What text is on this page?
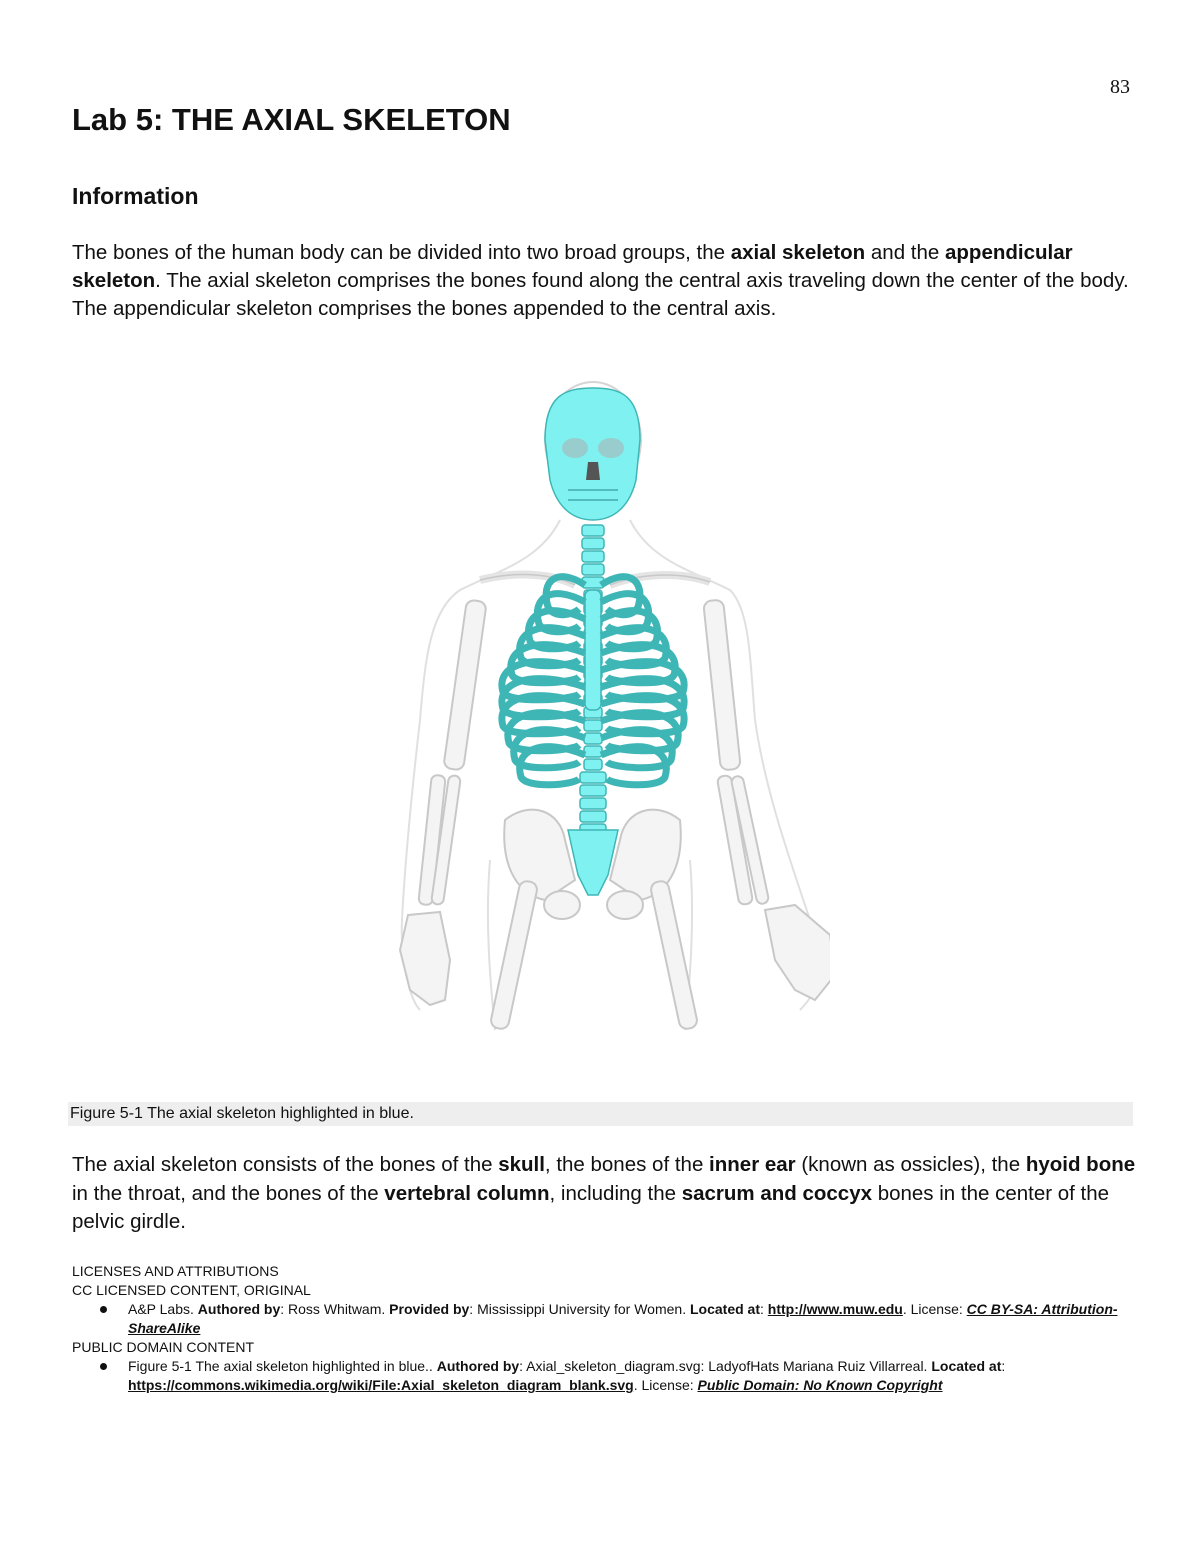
83
Lab 5: THE AXIAL SKELETON
Information

The bones of the human body can be divided into two broad groups, the axial skeleton and the appendicular skeleton. The axial skeleton comprises the bones found along the central axis traveling down the center of the body. The appendicular skeleton comprises the bones appended to the central axis.

Figure 5-1 The axial skeleton highlighted in blue.

The axial skeleton consists of the bones of the skull, the bones of the inner ear (known as ossicles), the hyoid bone in the throat, and the bones of the vertebral column, including the sacrum and coccyx bones in the center of the pelvic girdle.

LICENSES AND ATTRIBUTIONS
CC LICENSED CONTENT, ORIGINAL
A&P Labs. Authored by: Ross Whitwam. Provided by: Mississippi University for Women. Located at: http://www.muw.edu. License: CC BY-SA: Attribution-ShareAlike
PUBLIC DOMAIN CONTENT
Figure 5-1 The axial skeleton highlighted in blue.. Authored by: Axial_skeleton_diagram.svg: LadyofHats Mariana Ruiz Villarreal. Located at: https://commons.wikimedia.org/wiki/File:Axial_skeleton_diagram_blank.svg. License: Public Domain: No Known Copyright
